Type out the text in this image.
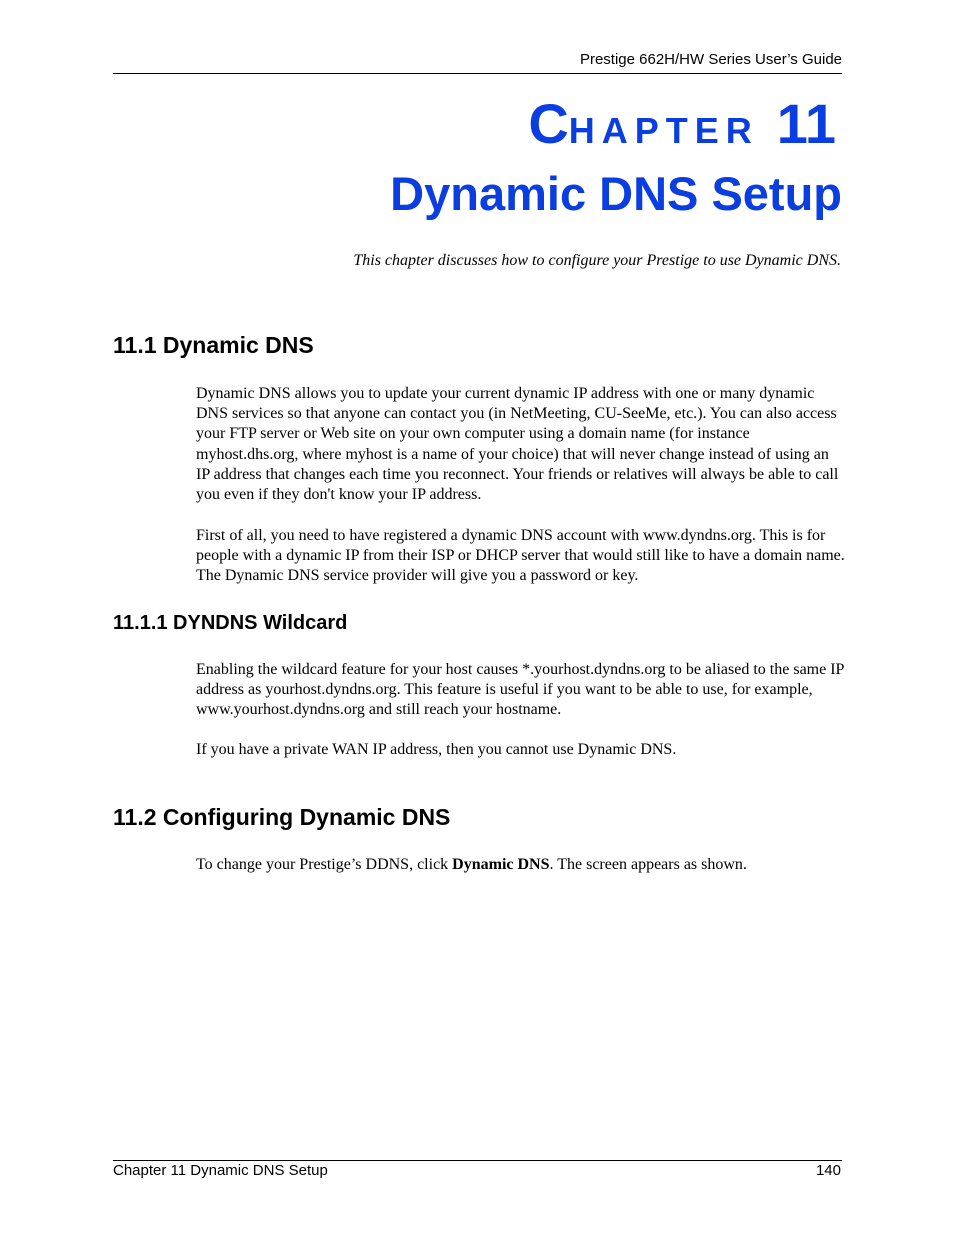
Prestige 662H/HW Series User’s Guide
CHAPTER 11
Dynamic DNS Setup
This chapter discusses how to configure your Prestige to use Dynamic DNS.
11.1 Dynamic DNS

Dynamic DNS allows you to update your current dynamic IP address with one or many dynamic DNS services so that anyone can contact you (in NetMeeting, CU-SeeMe, etc.). You can also access your FTP server or Web site on your own computer using a domain name (for instance myhost.dhs.org, where myhost is a name of your choice) that will never change instead of using an IP address that changes each time you reconnect. Your friends or relatives will always be able to call you even if they don't know your IP address.

First of all, you need to have registered a dynamic DNS account with www.dyndns.org. This is for people with a dynamic IP from their ISP or DHCP server that would still like to have a domain name. The Dynamic DNS service provider will give you a password or key.

11.1.1 DYNDNS Wildcard

Enabling the wildcard feature for your host causes *.yourhost.dyndns.org to be aliased to the same IP address as yourhost.dyndns.org. This feature is useful if you want to be able to use, for example, www.yourhost.dyndns.org and still reach your hostname.

If you have a private WAN IP address, then you cannot use Dynamic DNS.

11.2 Configuring Dynamic DNS

To change your Prestige’s DDNS, click Dynamic DNS. The screen appears as shown.

Chapter 11 Dynamic DNS Setup	140
